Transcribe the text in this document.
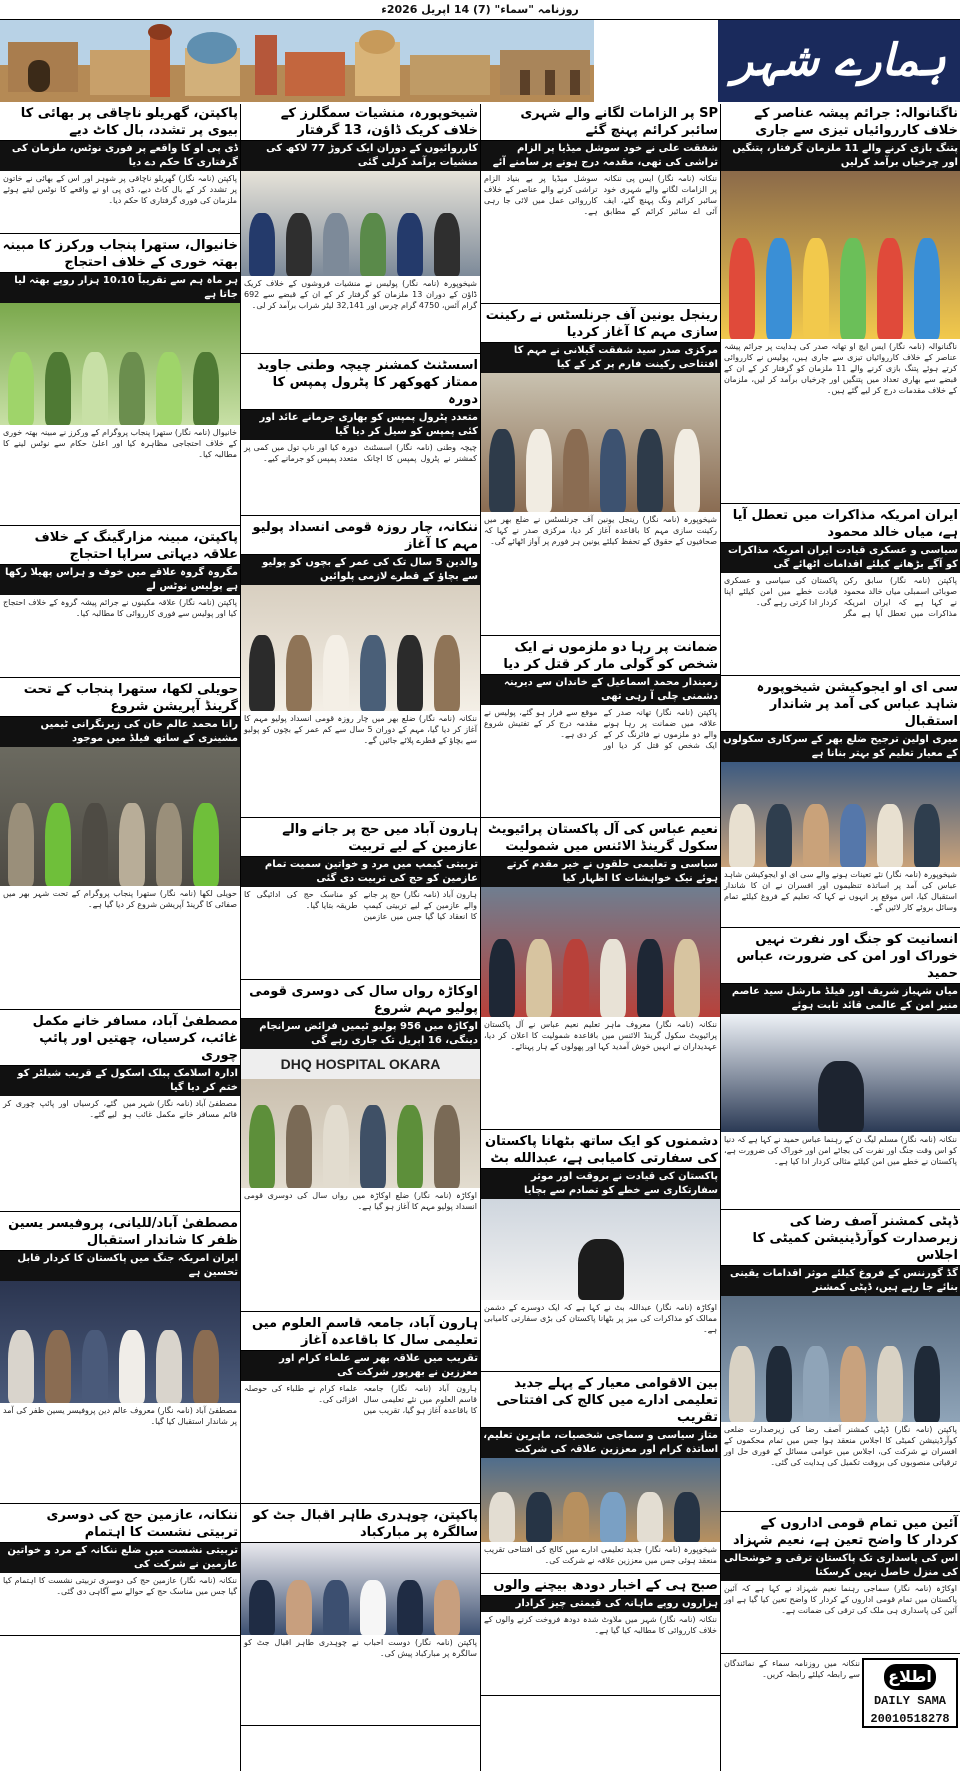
روزنامہ "سماء" (7) 14 اپریل 2026ء
ہمارے شہر
پاکپتن، گھریلو ناچاقی پر بھائی کا بیوی پر تشدد، بال کاٹ دیے
ڈی پی او کا واقعے پر فوری نوٹس، ملزمان کی گرفتاری کا حکم دے دیا
پاکپتن (نامہ نگار) گھریلو ناچاقی پر شوہر اور اس کے بھائی نے خاتون پر تشدد کر کے بال کاٹ دیے، ڈی پی او نے واقعے کا نوٹس لیتے ہوئے ملزمان کی فوری گرفتاری کا حکم دیا۔
خانیوال، ستھرا پنجاب ورکرز کا مبینہ بھتہ خوری کے خلاف احتجاج
ہر ماہ ہم سے تقریباً 10،10 ہزار روپے بھتہ لیا جاتا ہے
خانیوال (نامہ نگار) ستھرا پنجاب پروگرام کے ورکرز نے مبینہ بھتہ خوری کے خلاف احتجاجی مظاہرہ کیا اور اعلیٰ حکام سے نوٹس لینے کا مطالبہ کیا۔
پاکپتن، مبینہ مزارگینگ کے خلاف علاقہ دیہاتی سراپا احتجاج
مگروہ گروہ علاقے میں خوف و ہراس پھیلا رکھا ہے پولیس نوٹس لے
پاکپتن (نامہ نگار) علاقہ مکینوں نے جرائم پیشہ گروہ کے خلاف احتجاج کیا اور پولیس سے فوری کارروائی کا مطالبہ کیا۔
حویلی لکھا، ستھرا پنجاب کے تحت گرینڈ آپریشن شروع
رانا محمد عالم خان کی زیرنگرانی ٹیمیں مشینری کے ساتھ فیلڈ میں موجود
حویلی لکھا (نامہ نگار) ستھرا پنجاب پروگرام کے تحت شہر بھر میں صفائی کا گرینڈ آپریشن شروع کر دیا گیا ہے۔
مصطفیٰ آباد، مسافر خانے مکمل غائب، کرسیاں، چھتیں اور پائپ چوری
ادارہ اسلامک پبلک اسکول کے قریب شیلٹر کو ختم کر دیا گیا
مصطفیٰ آباد (نامہ نگار) شہر میں قائم مسافر خانے مکمل غائب ہو گئے، کرسیاں اور پائپ چوری کر لیے گئے۔
مصطفیٰ آباد/للیانی، پروفیسر یسین ظفر کا شاندار استقبال
ایران امریکہ جنگ میں پاکستان کا کردار قابل تحسین ہے
مصطفیٰ آباد (نامہ نگار) معروف عالم دین پروفیسر یسین ظفر کی آمد پر شاندار استقبال کیا گیا۔
ننکانہ، عازمین حج کی دوسری تربیتی نشست کا اہتمام
تربیتی نشست میں ضلع ننکانہ کے مرد و خواتین عازمین نے شرکت کی
ننکانہ (نامہ نگار) عازمین حج کی دوسری تربیتی نشست کا اہتمام کیا گیا جس میں مناسک حج کے حوالے سے آگاہی دی گئی۔
شیخوپورہ، منشیات سمگلرز کے خلاف کریک ڈاؤن، 13 گرفتار
کارروائیوں کے دوران ایک کروڑ 77 لاکھ کی منشیات برآمد کرلی گئی
شیخوپورہ (نامہ نگار) پولیس نے منشیات فروشوں کے خلاف کریک ڈاؤن کے دوران 13 ملزمان کو گرفتار کر کے ان کے قبضے سے 692 گرام آئس، 4750 گرام چرس اور 32,141 لیٹر شراب برآمد کر لی۔
اسسٹنٹ کمشنر چیچہ وطنی جاوید ممتاز کھوکھر کا پٹرول پمپس کا دورہ
متعدد پٹرول پمپس کو بھاری جرمانے عائد اور کئی پمپس کو سیل کر دیا گیا
چیچہ وطنی (نامہ نگار) اسسٹنٹ کمشنر نے پٹرول پمپس کا اچانک دورہ کیا اور ناپ تول میں کمی پر متعدد پمپس کو جرمانے کیے۔
ننکانہ، چار روزہ قومی انسداد پولیو مہم کا آغاز
والدین 5 سال تک کی عمر کے بچوں کو پولیو سے بچاؤ کے قطرے لازمی پلوائیں
ننکانہ (نامہ نگار) ضلع بھر میں چار روزہ قومی انسداد پولیو مہم کا آغاز کر دیا گیا، مہم کے دوران 5 سال سے کم عمر کے بچوں کو پولیو سے بچاؤ کے قطرے پلائے جائیں گے۔
ہارون آباد میں حج پر جانے والے عازمین کے لیے تربیت
تربیتی کیمپ میں مرد و خواتین سمیت تمام عازمین کو حج کی تربیت دی گئی
ہارون آباد (نامہ نگار) حج پر جانے والے عازمین کے لیے تربیتی کیمپ کا انعقاد کیا گیا جس میں عازمین کو مناسک حج کی ادائیگی کا طریقہ بتایا گیا۔
اوکاڑہ رواں سال کی دوسری قومی پولیو مہم شروع
اوکاڑہ میں 956 پولیو ٹیمیں فرائض سرانجام دینگی، 16 اپریل تک جاری رہے گی
DHQ HOSPITAL OKARA
اوکاڑہ (نامہ نگار) ضلع اوکاڑہ میں رواں سال کی دوسری قومی انسداد پولیو مہم کا آغاز ہو گیا ہے۔
ہارون آباد، جامعہ قاسم العلوم میں تعلیمی سال کا باقاعدہ آغاز
تقریب میں علاقہ بھر سے علماء کرام اور معززین نے بھرپور شرکت کی
ہارون آباد (نامہ نگار) جامعہ قاسم العلوم میں نئے تعلیمی سال کا باقاعدہ آغاز ہو گیا، تقریب میں علماء کرام نے طلباء کی حوصلہ افزائی کی۔
پاکپتن، چوہدری طاہر اقبال جٹ کو سالگرہ پر مبارکباد
پاکپتن (نامہ نگار) دوست احباب نے چوہدری طاہر اقبال جٹ کو سالگرہ پر مبارکباد پیش کی۔
SP پر الزامات لگانے والے شہری سائبر کرائم پہنچ گئے
شفقت علی نے خود سوشل میڈیا پر الزام تراشی کی تھی، مقدمہ درج ہونے پر سامنے آئے
ننکانہ (نامہ نگار) ایس پی ننکانہ پر الزامات لگانے والے شہری خود سائبر کرائم ونگ پہنچ گئے، ایف آئی اے سائبر کرائم کے مطابق سوشل میڈیا پر بے بنیاد الزام تراشی کرنے والے عناصر کے خلاف کارروائی عمل میں لائی جا رہی ہے۔
رینجل یونین آف جرنلسٹس نے رکینت سازی مہم کا آغاز کردیا
مرکزی صدر سید شفقت گیلانی نے مہم کا افتتاحی رکینت فارم پر کر کے کیا
شیخوپورہ (نامہ نگار) رینجل یونین آف جرنلسٹس نے ضلع بھر میں رکینت سازی مہم کا باقاعدہ آغاز کر دیا، مرکزی صدر نے کہا کہ صحافیوں کے حقوق کے تحفظ کیلئے یونین ہر فورم پر آواز اٹھائے گی۔
ضمانت پر رہا دو ملزموں نے ایک شخص کو گولی مار کر قتل کر دیا
زمیندار محمد اسماعیل کے خاندان سے دیرینہ دشمنی چلی آ رہی تھی
پاکپتن (نامہ نگار) تھانہ صدر کے علاقہ میں ضمانت پر رہا ہونے والے دو ملزموں نے فائرنگ کر کے ایک شخص کو قتل کر دیا اور موقع سے فرار ہو گئے، پولیس نے مقدمہ درج کر کے تفتیش شروع کر دی ہے۔
نعیم عباس کی آل پاکستان پرائیویٹ سکول گرینڈ الائنس میں شمولیت
سیاسی و تعلیمی حلقوں نے خیر مقدم کرتے ہوئے نیک خواہشات کا اظہار کیا
ننکانہ (نامہ نگار) معروف ماہر تعلیم نعیم عباس نے آل پاکستان پرائیویٹ سکول گرینڈ الائنس میں باقاعدہ شمولیت کا اعلان کر دیا، عہدیداران نے انہیں خوش آمدید کہا اور پھولوں کے ہار پہنائے۔
دشمنوں کو ایک ساتھ بٹھانا پاکستان کی سفارتی کامیابی ہے، عبدالله بٹ
پاکستان کی قیادت نے بروقت اور موثر سفارتکاری سے خطے کو تصادم سے بچایا
اوکاڑہ (نامہ نگار) عبداللہ بٹ نے کہا ہے کہ ایک دوسرے کے دشمن ممالک کو مذاکرات کی میز پر بٹھانا پاکستان کی بڑی سفارتی کامیابی ہے۔
بین الاقوامی معیار کے پہلے جدید تعلیمی ادارے میں کالج کی افتتاحی تقریب
متاز سیاسی و سماجی شخصیات، ماہرین تعلیم، اساتذہ کرام اور معززین علاقہ کی شرکت
شیخوپورہ (نامہ نگار) جدید تعلیمی ادارے میں کالج کی افتتاحی تقریب منعقد ہوئی جس میں معززین علاقہ نے شرکت کی۔
صبح ہی کے اخبار دودھ بیچنے والوں
ہزاروں روپے ماہانہ کی قیمتی چیز کرادار
ننکانہ (نامہ نگار) شہر میں ملاوٹ شدہ دودھ فروخت کرنے والوں کے خلاف کارروائی کا مطالبہ کیا گیا ہے۔
ناگنانوالہ: جرائم پیشہ عناصر کے خلاف کارروائیاں تیزی سے جاری
پتنگ بازی کرنے والے 11 ملزمان گرفتار، پتنگیں اور چرخیاں برآمد کرلیں
ناگنانوالہ (نامہ نگار) ایس ایچ او تھانہ صدر کی ہدایت پر جرائم پیشہ عناصر کے خلاف کارروائیاں تیزی سے جاری ہیں، پولیس نے کارروائی کرتے ہوئے پتنگ بازی کرنے والے 11 ملزمان کو گرفتار کر کے ان کے قبضے سے بھاری تعداد میں پتنگیں اور چرخیاں برآمد کر لیں، ملزمان کے خلاف مقدمات درج کر لیے گئے ہیں۔
ایران امریکہ مذاکرات میں تعطل آیا ہے، میاں خالد محمود
سیاسی و عسکری قیادت ایران امریکہ مذاکرات کو آگے بڑھانے کیلئے اقدامات اٹھائے گی
پاکپتن (نامہ نگار) سابق رکن صوبائی اسمبلی میاں خالد محمود نے کہا ہے کہ ایران امریکہ مذاکرات میں تعطل آیا ہے مگر پاکستان کی سیاسی و عسکری قیادت خطے میں امن کیلئے اپنا کردار ادا کرتی رہے گی۔
سی ای او ایجوکیشن شیخوپورہ شاہد عباس کی آمد پر شاندار استقبال
میری اولین ترجیح ضلع بھر کے سرکاری سکولوں کے معیار تعلیم کو بہتر بنانا ہے
شیخوپورہ (نامہ نگار) نئے تعینات ہونے والے سی ای او ایجوکیشن شاہد عباس کی آمد پر اساتذہ تنظیموں اور افسران نے ان کا شاندار استقبال کیا، اس موقع پر انہوں نے کہا کہ تعلیم کے فروغ کیلئے تمام وسائل بروئے کار لائیں گے۔
انسانیت کو جنگ اور نفرت نہیں خوراک اور امن کی ضرورت، عباس حمید
میاں شہباز شریف اور فیلڈ مارشل سید عاصم منیر امن کے عالمی قائد ثابت ہوئے
ننکانہ (نامہ نگار) مسلم لیگ ن کے رہنما عباس حمید نے کہا ہے کہ دنیا کو اس وقت جنگ اور نفرت کی بجائے امن اور خوراک کی ضرورت ہے، پاکستان نے خطے میں امن کیلئے مثالی کردار ادا کیا ہے۔
ڈپٹی کمشنر آصف رضا کی زیرصدارت کوآرڈینیشن کمیٹی کا اجلاس
گڈ گورننس کے فروغ کیلئے موثر اقدامات یقینی بنائے جا رہے ہیں، ڈپٹی کمشنر
پاکپتن (نامہ نگار) ڈپٹی کمشنر آصف رضا کی زیرصدارت ضلعی کوآرڈینیشن کمیٹی کا اجلاس منعقد ہوا جس میں تمام محکموں کے افسران نے شرکت کی، اجلاس میں عوامی مسائل کے فوری حل اور ترقیاتی منصوبوں کی بروقت تکمیل کی ہدایت کی گئی۔
آئین میں تمام قومی اداروں کے کردار کا واضح تعین ہے، نعیم شہزاد
اس کی پاسداری تک پاکستان ترقی و خوشحالی کی منزل حاصل نہیں کرسکتا
اوکاڑہ (نامہ نگار) سماجی رہنما نعیم شہزاد نے کہا ہے کہ آئین پاکستان میں تمام قومی اداروں کے کردار کا واضح تعین کیا گیا ہے اور آئین کی پاسداری ہی ملک کی ترقی کی ضمانت ہے۔
اطلاع
DAILY SAMA
20010518278
ننکانہ میں روزنامہ سماء کے نمائندگان سے رابطہ کیلئے رابطہ کریں۔
